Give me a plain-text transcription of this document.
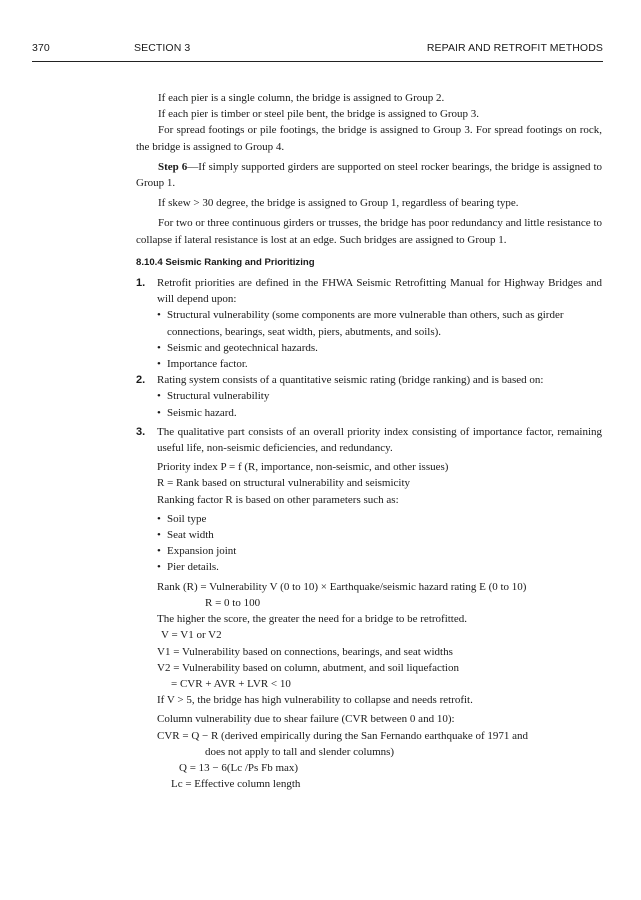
370	SECTION 3	REPAIR AND RETROFIT METHODS

If each pier is a single column, the bridge is assigned to Group 2.

If each pier is timber or steel pile bent, the bridge is assigned to Group 3.

For spread footings or pile footings, the bridge is assigned to Group 3. For spread footings on rock, the bridge is assigned to Group 4.

Step 6—If simply supported girders are supported on steel rocker bearings, the bridge is assigned to Group 1.

If skew > 30 degree, the bridge is assigned to Group 1, regardless of bearing type.

For two or three continuous girders or trusses, the bridge has poor redundancy and little resistance to collapse if lateral resistance is lost at an edge. Such bridges are assigned to Group 1.

8.10.4 Seismic Ranking and Prioritizing
1. Retrofit priorities are defined in the FHWA Seismic Retrofitting Manual for Highway Bridges and will depend upon:

• Structural vulnerability (some components are more vulnerable than others, such as girder connections, bearings, seat width, piers, abutments, and soils).
• Seismic and geotechnical hazards.
• Importance factor.
2. Rating system consists of a quantitative seismic rating (bridge ranking) and is based on:

• Structural vulnerability
• Seismic hazard.
3. The qualitative part consists of an overall priority index consisting of importance factor, remaining useful life, non-seismic deficiencies, and redundancy.

Priority index P = f (R, importance, non-seismic, and other issues)

R = Rank based on structural vulnerability and seismicity

Ranking factor R is based on other parameters such as:

• Soil type
• Seat width
• Expansion joint
• Pier details.

Rank (R) = Vulnerability V (0 to 10) × Earthquake/seismic hazard rating E (0 to 10)

R = 0 to 100

The higher the score, the greater the need for a bridge to be retrofitted.

V = V1 or V2

V1 = Vulnerability based on connections, bearings, and seat widths

V2 = Vulnerability based on column, abutment, and soil liquefaction

= CVR + AVR + LVR < 10

If V > 5, the bridge has high vulnerability to collapse and needs retrofit.

Column vulnerability due to shear failure (CVR between 0 and 10):

CVR = Q − R (derived empirically during the San Fernando earthquake of 1971 and

does not apply to tall and slender columns)

Q = 13 − 6(Lc /Ps Fb max)

Lc = Effective column length
